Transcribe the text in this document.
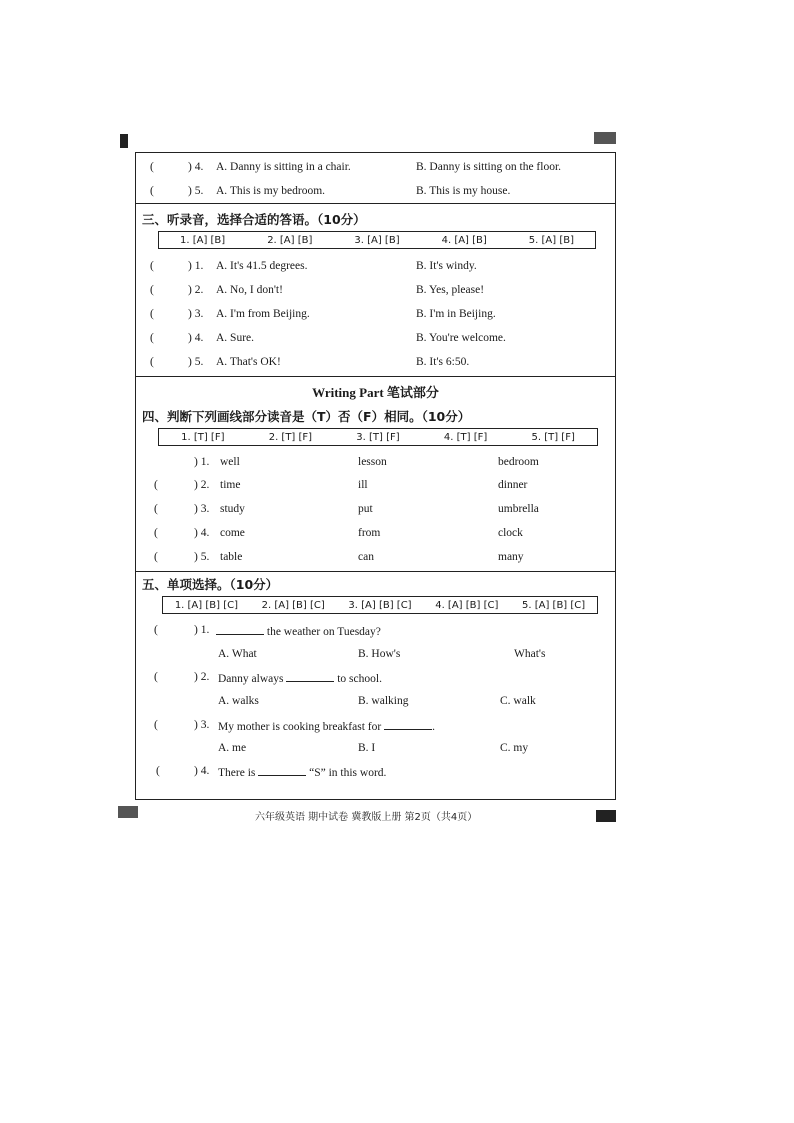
(	) 4. A. Danny is sitting in a chair.	B. Danny is sitting on the floor.
(	) 5. A. This is my bedroom.	B. This is my house.
三、听录音，选择合适的答语。（10分）
1. [A] [B]	2. [A] [B]	3. [A] [B]	4. [A] [B]	5. [A] [B]
(	) 1. A. It's 41.5 degrees.	B. It's windy.
(	) 2. A. No, I don't!	B. Yes, please!
(	) 3. A. I'm from Beijing.	B. I'm in Beijing.
(	) 4. A. Sure.	B. You're welcome.
(	) 5. A. That's OK!	B. It's 6:50.
Writing Part 笔试部分
四、判断下列画线部分读音是（T）否（F）相同。（10分）
1. [T] [F]	2. [T] [F]	3. [T] [F]	4. [T] [F]	5. [T] [F]
) 1. well	lesson	bedroom
(	) 2. time	ill	dinner
(	) 3. study	put	umbrella
(	) 4. come	from	clock
(	) 5. table	can	many
五、单项选择。（10分）
1. [A] [B] [C]	2. [A] [B] [C]	3. [A] [B] [C]	4. [A] [B] [C]	5. [A] [B] [C]
(	) 1.	the weather on Tuesday?
A. What	B. How's	What's
(	) 2. Danny always	to school.
A. walks	B. walking	C. walk
(	) 3. My mother is cooking breakfast for	.
A. me	B. I	C. my
(	) 4. There is	“S” in this word.
六年级英语 期中试卷 冀教版上册 第2页（共4页）
